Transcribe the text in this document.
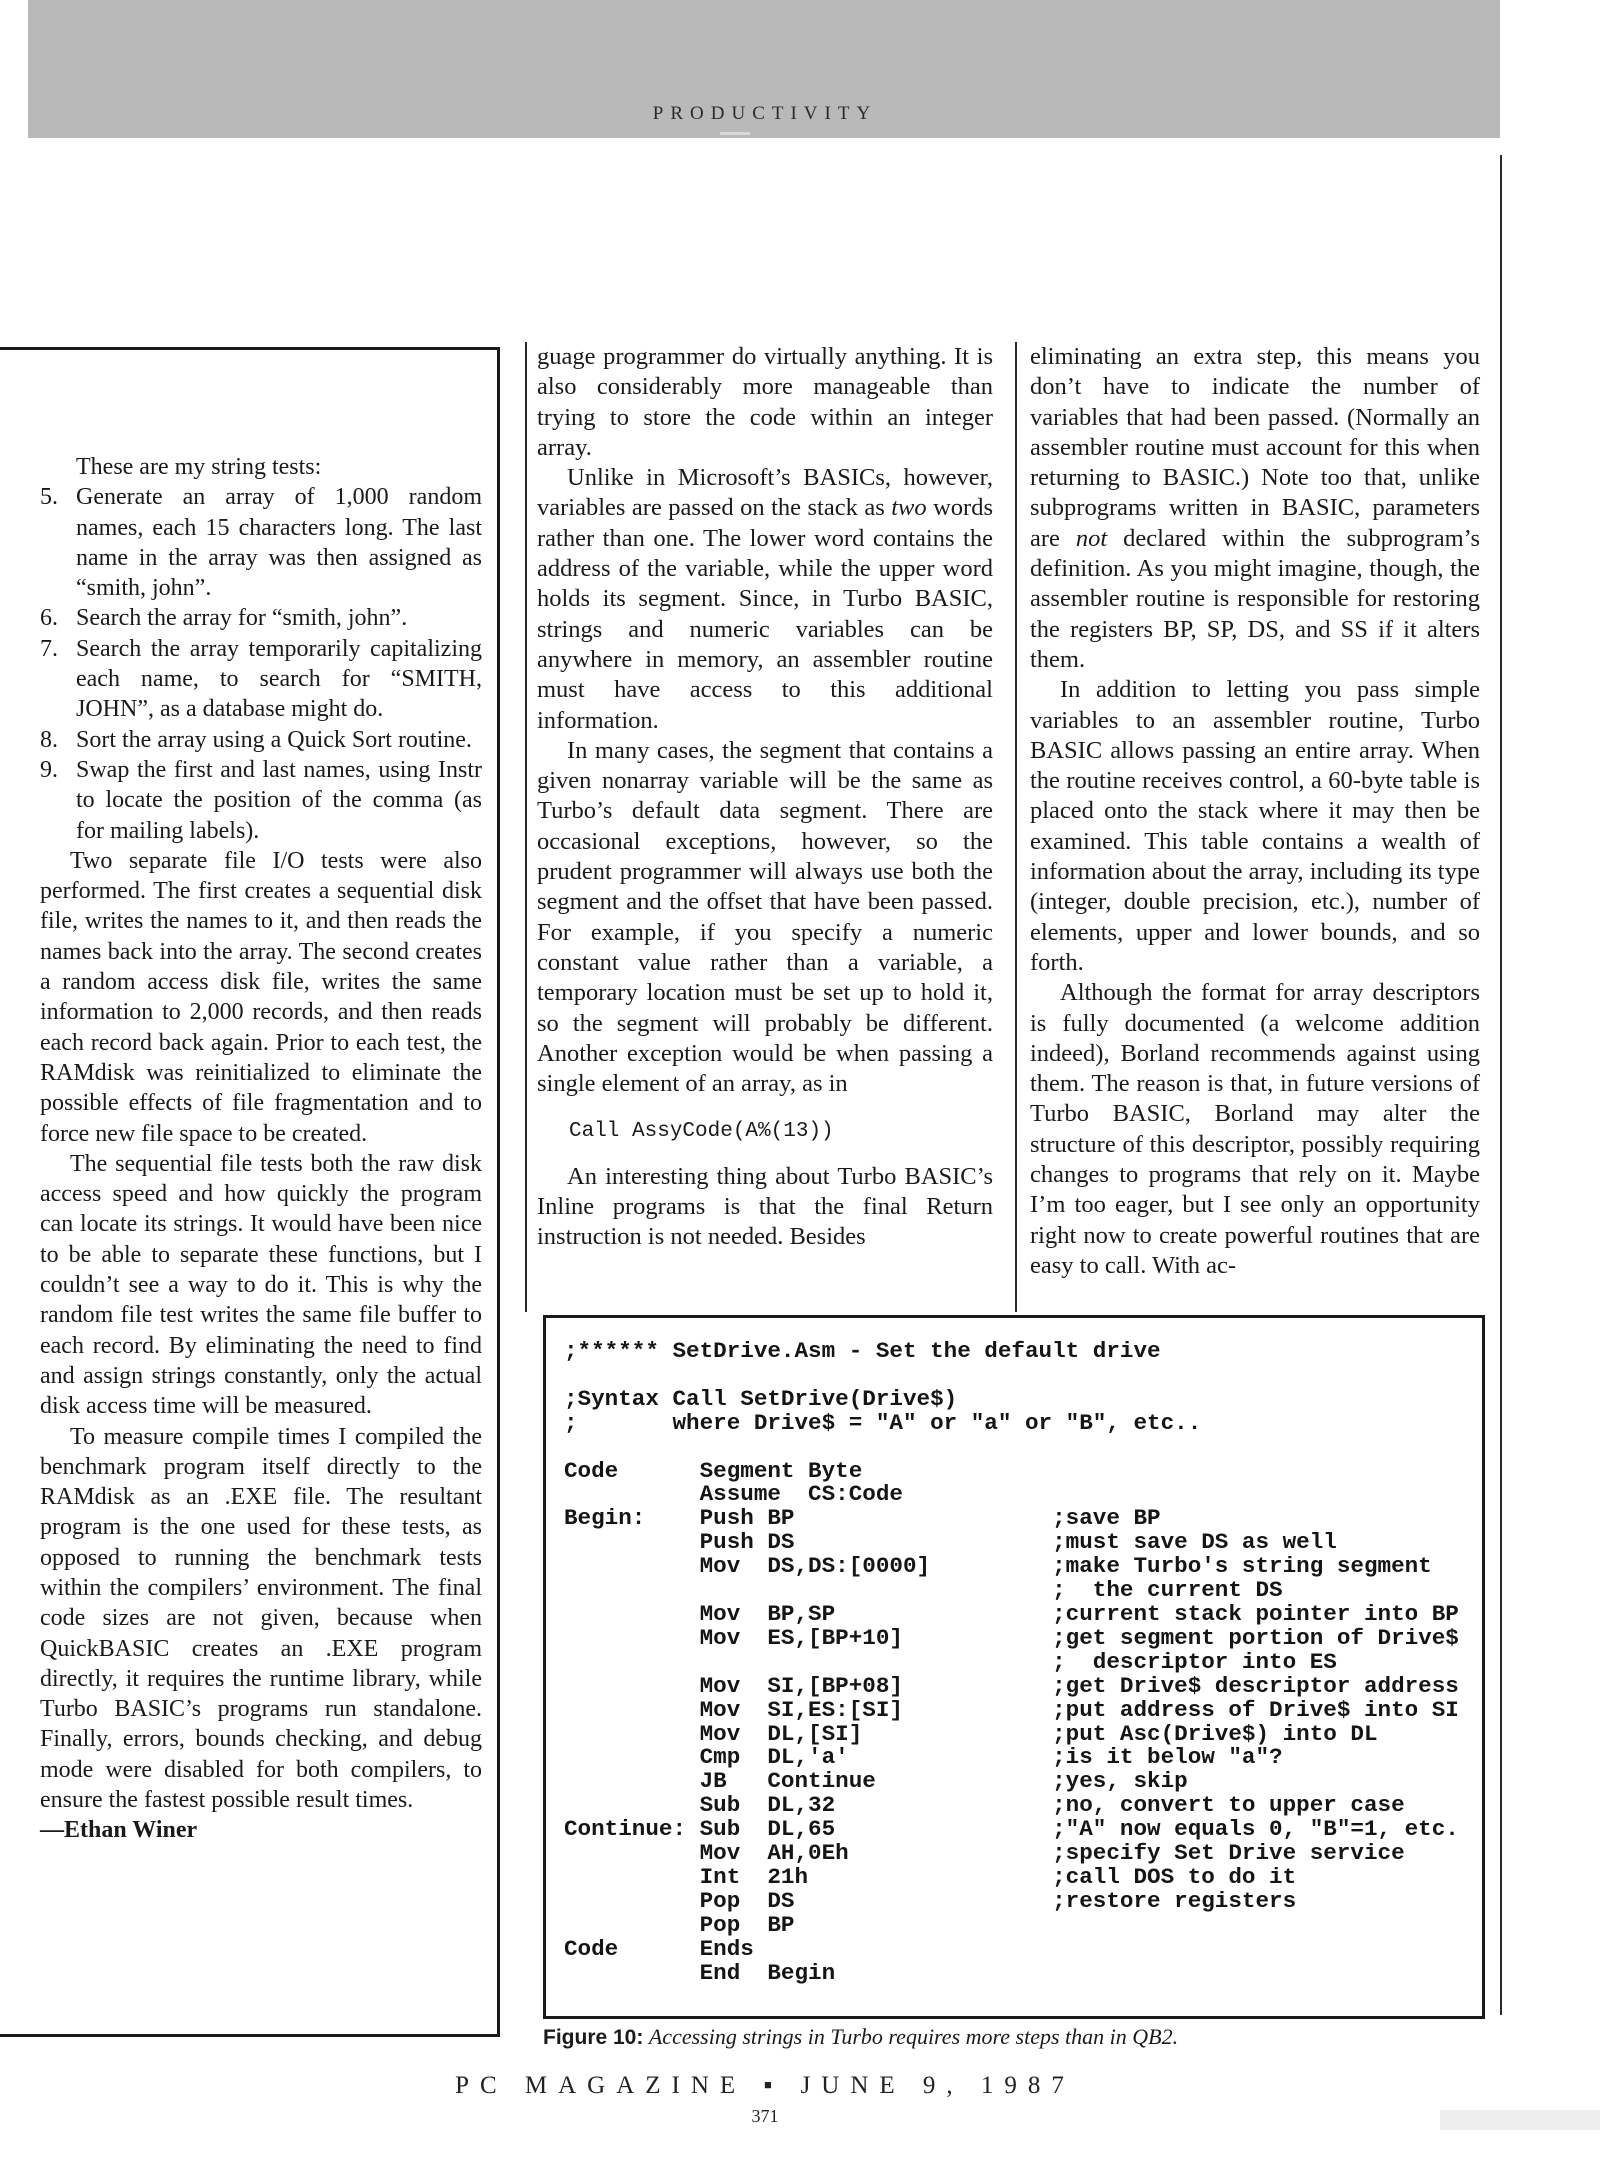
PRODUCTIVITY

These are my string tests:

5. Generate an array of 1,000 random names, each 15 characters long. The last name in the array was then assigned as “smith, john”.
6. Search the array for “smith, john”.
7. Search the array temporarily capitalizing each name, to search for “SMITH, JOHN”, as a database might do.
8. Sort the array using a Quick Sort routine.
9. Swap the first and last names, using Instr to locate the position of the comma (as for mailing labels).

Two separate file I/O tests were also performed. The first creates a sequential disk file, writes the names to it, and then reads the names back into the array. The second creates a random access disk file, writes the same information to 2,000 records, and then reads each record back again. Prior to each test, the RAMdisk was reinitialized to eliminate the possible effects of file fragmentation and to force new file space to be created.

The sequential file tests both the raw disk access speed and how quickly the program can locate its strings. It would have been nice to be able to separate these functions, but I couldn’t see a way to do it. This is why the random file test writes the same file buffer to each record. By eliminating the need to find and assign strings constantly, only the actual disk access time will be measured.

To measure compile times I compiled the benchmark program itself directly to the RAMdisk as an .EXE file. The resultant program is the one used for these tests, as opposed to running the benchmark tests within the compilers’ environment. The final code sizes are not given, because when QuickBASIC creates an .EXE program directly, it requires the runtime library, while Turbo BASIC’s programs run standalone. Finally, errors, bounds checking, and debug mode were disabled for both compilers, to ensure the fastest possible result times.

—Ethan Winer

guage programmer do virtually anything. It is also considerably more manageable than trying to store the code within an integer array.

Unlike in Microsoft’s BASICs, however, variables are passed on the stack as two words rather than one. The lower word contains the address of the variable, while the upper word holds its segment. Since, in Turbo BASIC, strings and numeric variables can be anywhere in memory, an assembler routine must have access to this additional information.

In many cases, the segment that contains a given nonarray variable will be the same as Turbo’s default data segment. There are occasional exceptions, however, so the prudent programmer will always use both the segment and the offset that have been passed. For example, if you specify a numeric constant value rather than a variable, a temporary location must be set up to hold it, so the segment will probably be different. Another exception would be when passing a single element of an array, as in

Call AssyCode(A%(13))

An interesting thing about Turbo BASIC’s Inline programs is that the final Return instruction is not needed. Besides

eliminating an extra step, this means you don’t have to indicate the number of variables that had been passed. (Normally an assembler routine must account for this when returning to BASIC.) Note too that, unlike subprograms written in BASIC, parameters are not declared within the subprogram’s definition. As you might imagine, though, the assembler routine is responsible for restoring the registers BP, SP, DS, and SS if it alters them.

In addition to letting you pass simple variables to an assembler routine, Turbo BASIC allows passing an entire array. When the routine receives control, a 60-byte table is placed onto the stack where it may then be examined. This table contains a wealth of information about the array, including its type (integer, double precision, etc.), number of elements, upper and lower bounds, and so forth.

Although the format for array descriptors is fully documented (a welcome addition indeed), Borland recommends against using them. The reason is that, in future versions of Turbo BASIC, Borland may alter the structure of this descriptor, possibly requiring changes to programs that rely on it. Maybe I’m too eager, but I see only an opportunity right now to create powerful routines that are easy to call. With ac-

;****** SetDrive.Asm - Set the default drive

;Syntax Call SetDrive(Drive$)
;       where Drive$ = "A" or "a" or "B", etc..

Code      Segment Byte
Assume  CS:Code
Begin:    Push BP                   ;save BP
Push DS                   ;must save DS as well
Mov  DS,DS:[0000]         ;make Turbo's string segment
;  the current DS
Mov  BP,SP                ;current stack pointer into BP
Mov  ES,[BP+10]           ;get segment portion of Drive$
;  descriptor into ES
Mov  SI,[BP+08]           ;get Drive$ descriptor address
Mov  SI,ES:[SI]           ;put address of Drive$ into SI
Mov  DL,[SI]              ;put Asc(Drive$) into DL
Cmp  DL,'a'               ;is it below "a"?
JB   Continue             ;yes, skip
Sub  DL,32                ;no, convert to upper case
Continue: Sub  DL,65                ;"A" now equals 0, "B"=1, etc.
Mov  AH,0Eh               ;specify Set Drive service
Int  21h                  ;call DOS to do it
Pop  DS                   ;restore registers
Pop  BP
Code      Ends
End  Begin
Figure 10: Accessing strings in Turbo requires more steps than in QB2.
PC MAGAZINE ▪ JUNE 9, 1987
371
